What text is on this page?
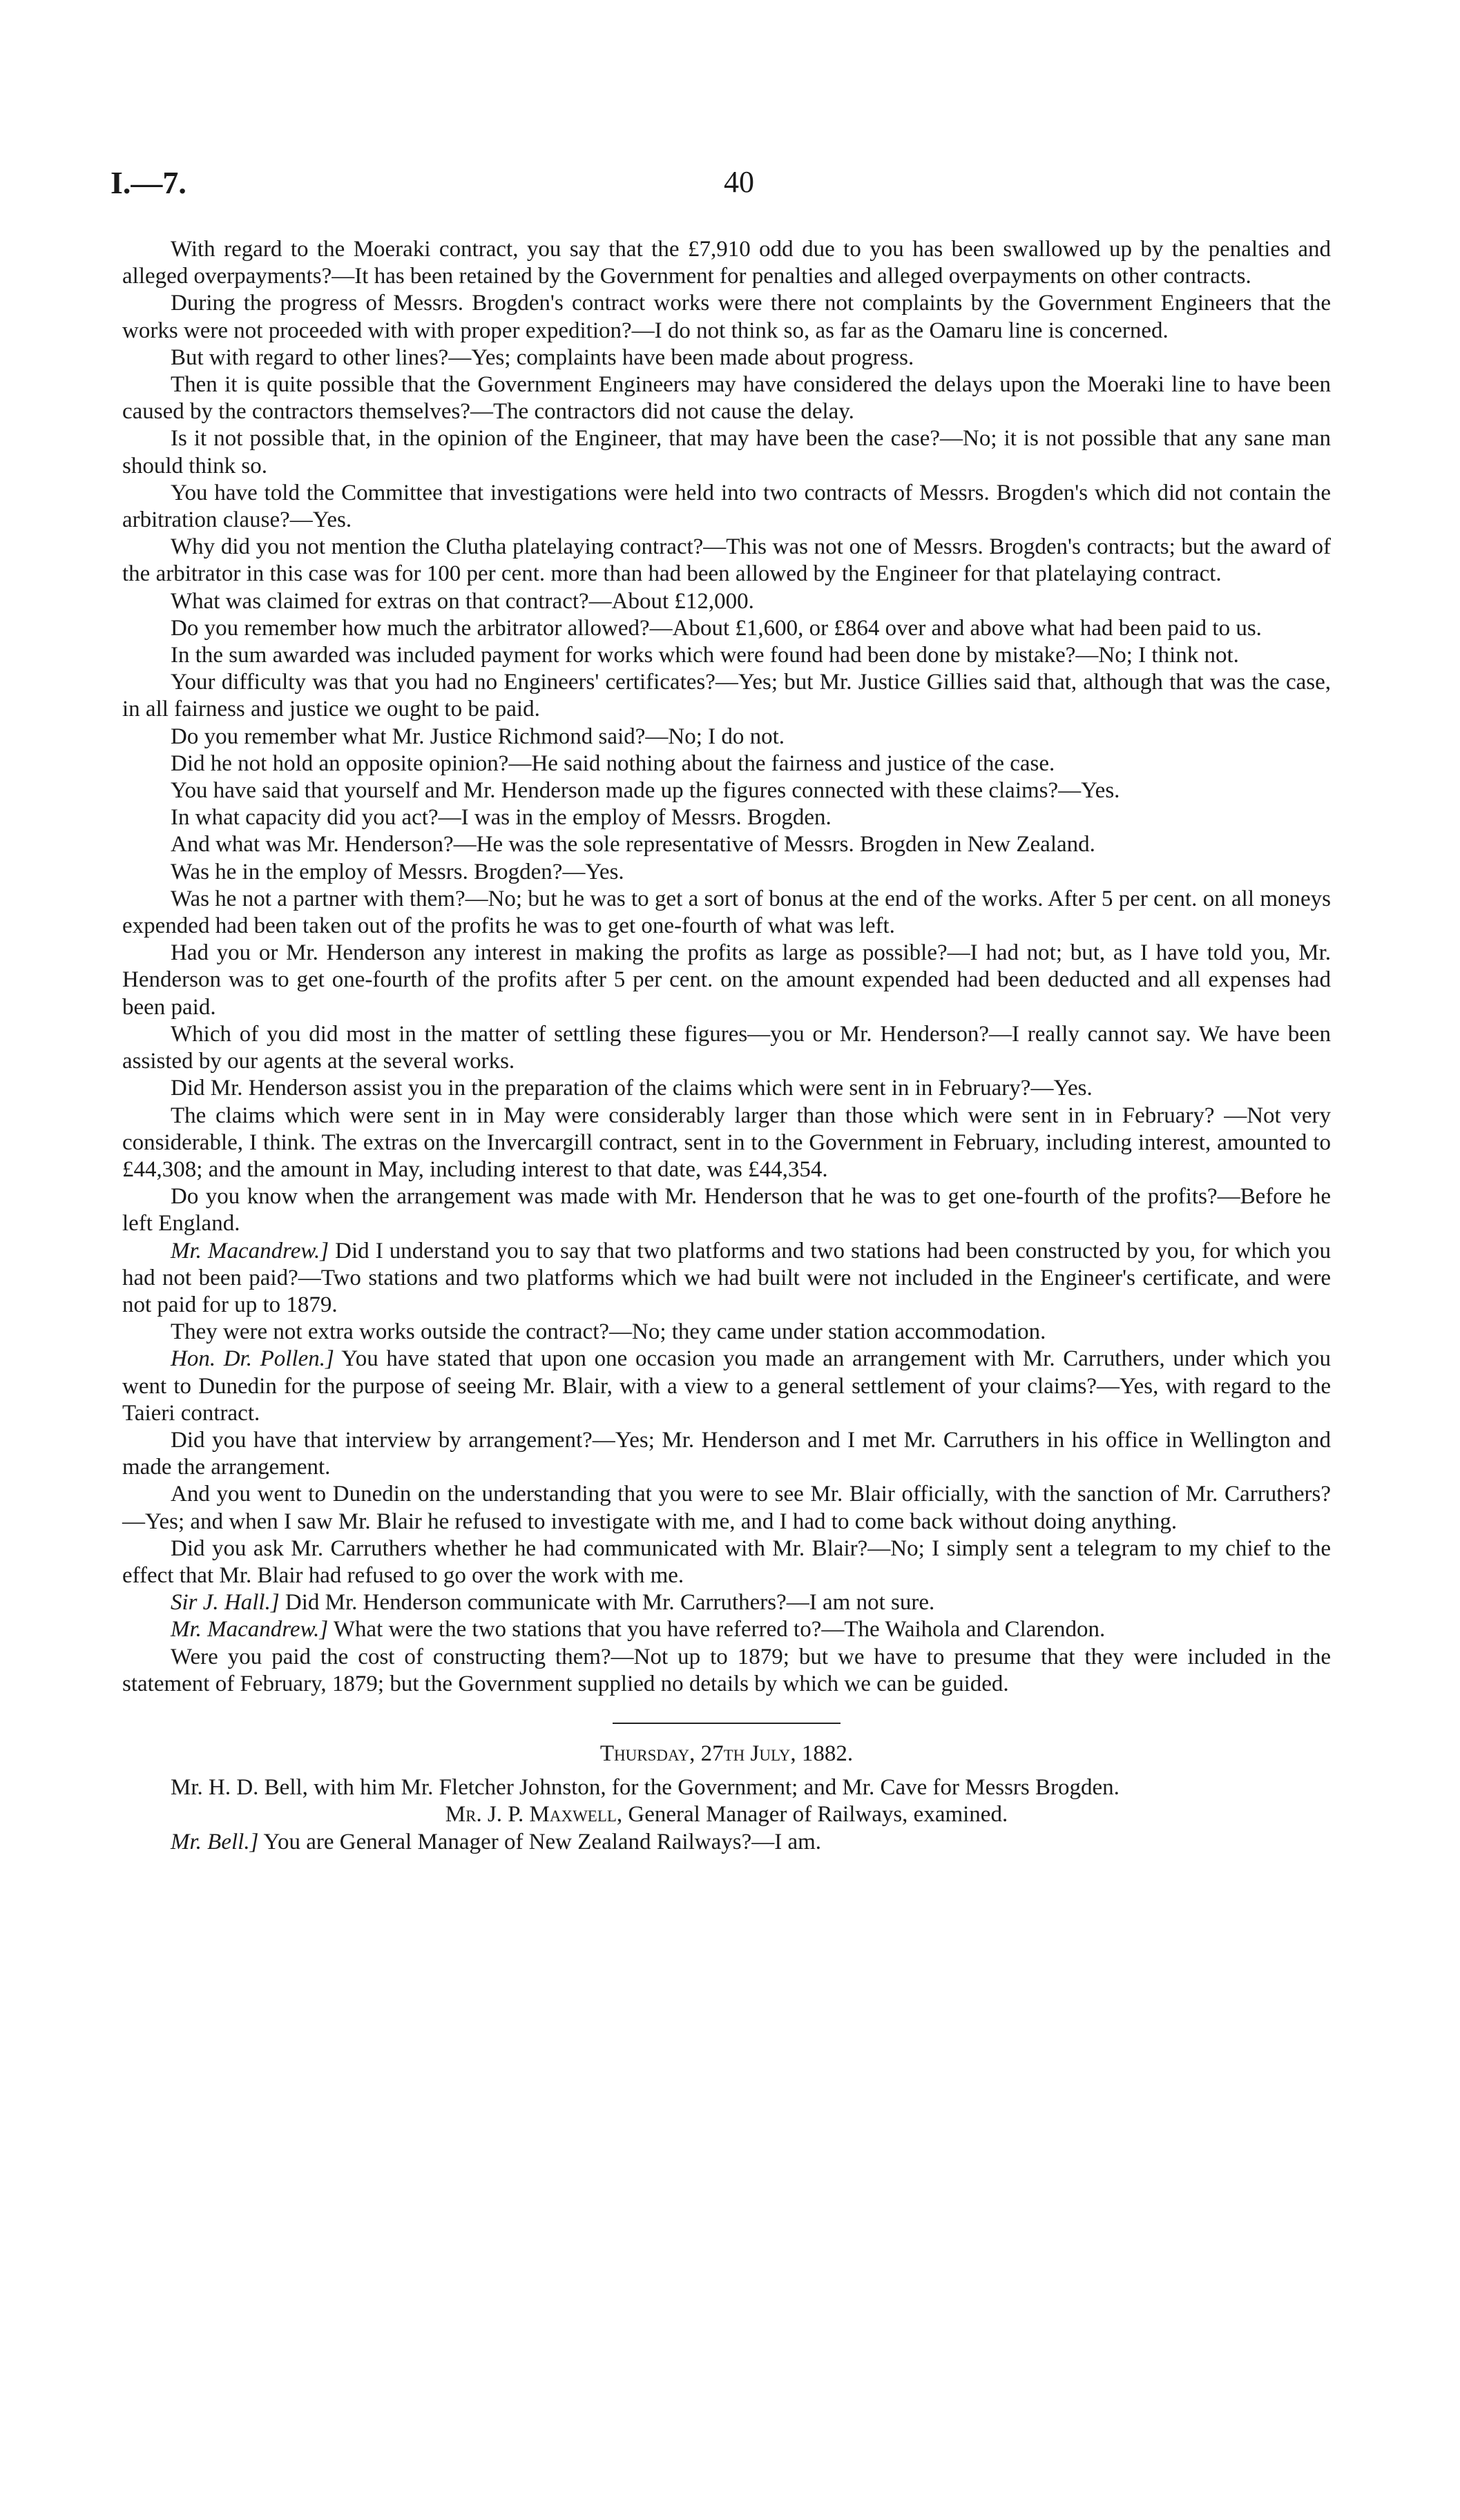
I.—7.	40

With regard to the Moeraki contract, you say that the £7,910 odd due to you has been swallowed up by the penalties and alleged overpayments?—It has been retained by the Government for penalties and alleged overpayments on other contracts.

During the progress of Messrs. Brogden's contract works were there not complaints by the Government Engineers that the works were not proceeded with with proper expedition?—I do not think so, as far as the Oamaru line is concerned.

But with regard to other lines?—Yes; complaints have been made about progress.

Then it is quite possible that the Government Engineers may have considered the delays upon the Moeraki line to have been caused by the contractors themselves?—The contractors did not cause the delay.

Is it not possible that, in the opinion of the Engineer, that may have been the case?—No; it is not possible that any sane man should think so.

You have told the Committee that investigations were held into two contracts of Messrs. Brogden's which did not contain the arbitration clause?—Yes.

Why did you not mention the Clutha platelaying contract?—This was not one of Messrs. Brogden's contracts; but the award of the arbitrator in this case was for 100 per cent. more than had been allowed by the Engineer for that platelaying contract.

What was claimed for extras on that contract?—About £12,000.

Do you remember how much the arbitrator allowed?—About £1,600, or £864 over and above what had been paid to us.

In the sum awarded was included payment for works which were found had been done by mistake?—No; I think not.

Your difficulty was that you had no Engineers' certificates?—Yes; but Mr. Justice Gillies said that, although that was the case, in all fairness and justice we ought to be paid.

Do you remember what Mr. Justice Richmond said?—No; I do not.

Did he not hold an opposite opinion?—He said nothing about the fairness and justice of the case.

You have said that yourself and Mr. Henderson made up the figures connected with these claims?—Yes.

In what capacity did you act?—I was in the employ of Messrs. Brogden.

And what was Mr. Henderson?—He was the sole representative of Messrs. Brogden in New Zealand.

Was he in the employ of Messrs. Brogden?—Yes.

Was he not a partner with them?—No; but he was to get a sort of bonus at the end of the works. After 5 per cent. on all moneys expended had been taken out of the profits he was to get one-fourth of what was left.

Had you or Mr. Henderson any interest in making the profits as large as possible?—I had not; but, as I have told you, Mr. Henderson was to get one-fourth of the profits after 5 per cent. on the amount expended had been deducted and all expenses had been paid.

Which of you did most in the matter of settling these figures—you or Mr. Henderson?—I really cannot say. We have been assisted by our agents at the several works.

Did Mr. Henderson assist you in the preparation of the claims which were sent in in February?—Yes.

The claims which were sent in in May were considerably larger than those which were sent in in February? —Not very considerable, I think. The extras on the Invercargill contract, sent in to the Government in February, including interest, amounted to £44,308; and the amount in May, including interest to that date, was £44,354.

Do you know when the arrangement was made with Mr. Henderson that he was to get one-fourth of the profits?—Before he left England.

Mr. Macandrew.] Did I understand you to say that two platforms and two stations had been constructed by you, for which you had not been paid?—Two stations and two platforms which we had built were not included in the Engineer's certificate, and were not paid for up to 1879.

They were not extra works outside the contract?—No; they came under station accommodation.

Hon. Dr. Pollen.] You have stated that upon one occasion you made an arrangement with Mr. Carruthers, under which you went to Dunedin for the purpose of seeing Mr. Blair, with a view to a general settlement of your claims?—Yes, with regard to the Taieri contract.

Did you have that interview by arrangement?—Yes; Mr. Henderson and I met Mr. Carruthers in his office in Wellington and made the arrangement.

And you went to Dunedin on the understanding that you were to see Mr. Blair officially, with the sanction of Mr. Carruthers?—Yes; and when I saw Mr. Blair he refused to investigate with me, and I had to come back without doing anything.

Did you ask Mr. Carruthers whether he had communicated with Mr. Blair?—No; I simply sent a telegram to my chief to the effect that Mr. Blair had refused to go over the work with me.

Sir J. Hall.] Did Mr. Henderson communicate with Mr. Carruthers?—I am not sure.

Mr. Macandrew.] What were the two stations that you have referred to?—The Waihola and Clarendon.

Were you paid the cost of constructing them?—Not up to 1879; but we have to presume that they were included in the statement of February, 1879; but the Government supplied no details by which we can be guided.

Thursday, 27th July, 1882.

Mr. H. D. Bell, with him Mr. Fletcher Johnston, for the Government; and Mr. Cave for Messrs Brogden.

Mr. J. P. Maxwell, General Manager of Railways, examined.

Mr. Bell.] You are General Manager of New Zealand Railways?—I am.
